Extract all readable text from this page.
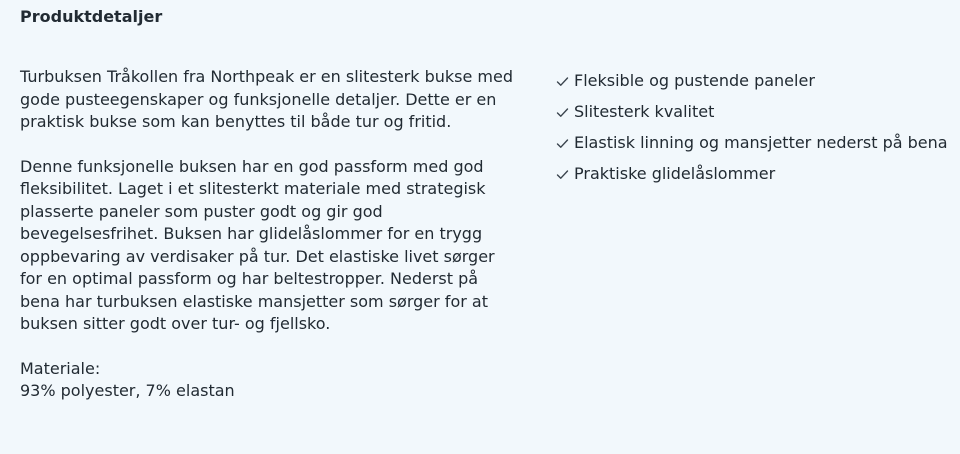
Produktdetaljer

Turbuksen Tråkollen fra Northpeak er en slitesterk bukse med gode pusteegenskaper og funksjonelle detaljer. Dette er en praktisk bukse som kan benyttes til både tur og fritid.

Denne funksjonelle buksen har en god passform med god fleksibilitet. Laget i et slitesterkt materiale med strategisk plasserte paneler som puster godt og gir god bevegelsesfrihet. Buksen har glidelåslommer for en trygg oppbevaring av verdisaker på tur. Det elastiske livet sørger for en optimal passform og har beltestropper. Nederst på bena har turbuksen elastiske mansjetter som sørger for at buksen sitter godt over tur- og fjellsko.

Materiale:
93% polyester, 7% elastan

Fleksible og pustende paneler
Slitesterk kvalitet
Elastisk linning og mansjetter nederst på bena
Praktiske glidelåslommer
